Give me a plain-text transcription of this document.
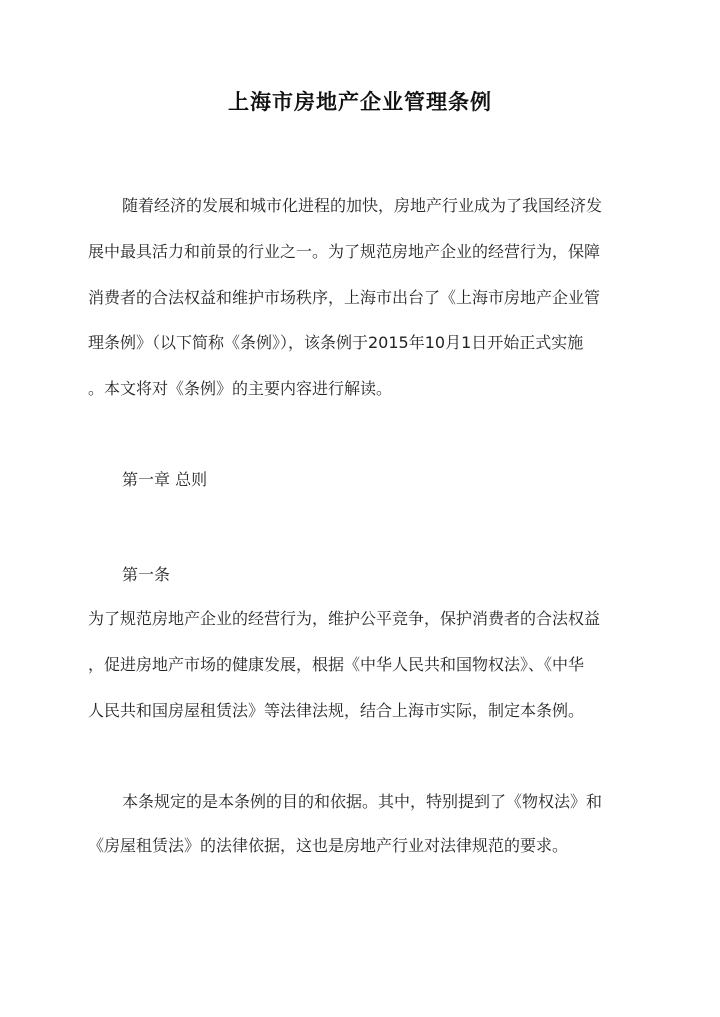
上海市房地产企业管理条例
随着经济的发展和城市化进程的加快，房地产行业成为了我国经济发
展中最具活力和前景的行业之一。为了规范房地产企业的经营行为，保障
消费者的合法权益和维护市场秩序，上海市出台了《上海市房地产企业管
理条例》（以下简称《条例》），该条例于2015年10月1日开始正式实施
。本文将对《条例》的主要内容进行解读。
第一章 总则
第一条
为了规范房地产企业的经营行为，维护公平竞争，保护消费者的合法权益
，促进房地产市场的健康发展，根据《中华人民共和国物权法》、《中华
人民共和国房屋租赁法》等法律法规，结合上海市实际，制定本条例。
本条规定的是本条例的目的和依据。其中，特别提到了《物权法》和
《房屋租赁法》的法律依据，这也是房地产行业对法律规范的要求。
